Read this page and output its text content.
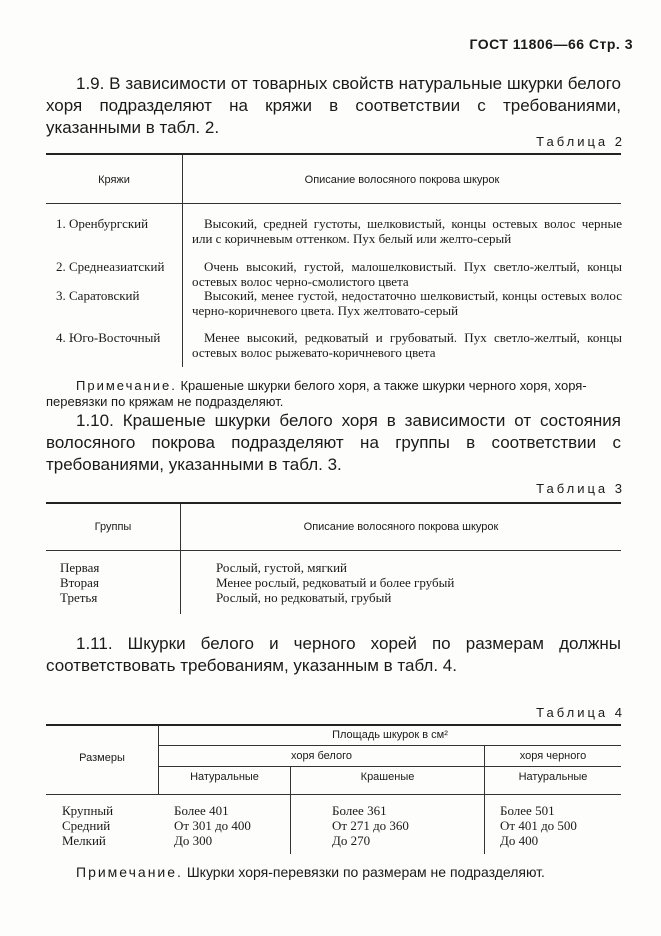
ГОСТ 11806—66 Стр. 3
1.9. В зависимости от товарных свойств натуральные шкурки белого хоря подразделяют на кряжи в соответствии с требованиями, указанными в табл. 2.
Таблица 2
Кряжи	Описание волосяного покрова шкурок
1. Оренбургский	Высокий, средней густоты, шелковистый, концы остевых волос черные или с коричневым оттенком. Пух белый или желто-серый
2. Среднеазиатский	Очень высокий, густой, малошелковистый. Пух светло-желтый, концы остевых волос черно-смолистого цвета
3. Саратовский	Высокий, менее густой, недостаточно шелковистый, концы остевых волос черно-коричневого цвета. Пух желтовато-серый
4. Юго-Восточный	Менее высокий, редковатый и грубоватый. Пух светло-желтый, концы остевых волос рыжевато-коричневого цвета
Примечание. Крашеные шкурки белого хоря, а также шкурки черного хоря, хоря-перевязки по кряжам не подразделяют.
1.10. Крашеные шкурки белого хоря в зависимости от состояния волосяного покрова подразделяют на группы в соответствии с требованиями, указанными в табл. 3.
Таблица 3
Группы	Описание волосяного покрова шкурок
Первая	Рослый, густой, мягкий
Вторая	Менее рослый, редковатый и более грубый
Третья	Рослый, но редковатый, грубый
1.11. Шкурки белого и черного хорей по размерам должны соответствовать требованиям, указанным в табл. 4.
Таблица 4
Размеры
Площадь шкурок в см²
хоря белого	хоря черного
Натуральные	Крашеные	Натуральные
Крупный	Более 401	Более 361	Более 501
Средний	От 301 до 400	От 271 до 360	От 401 до 500
Мелкий	До 300	До 270	До 400
Примечание. Шкурки хоря-перевязки по размерам не подразделяют.
